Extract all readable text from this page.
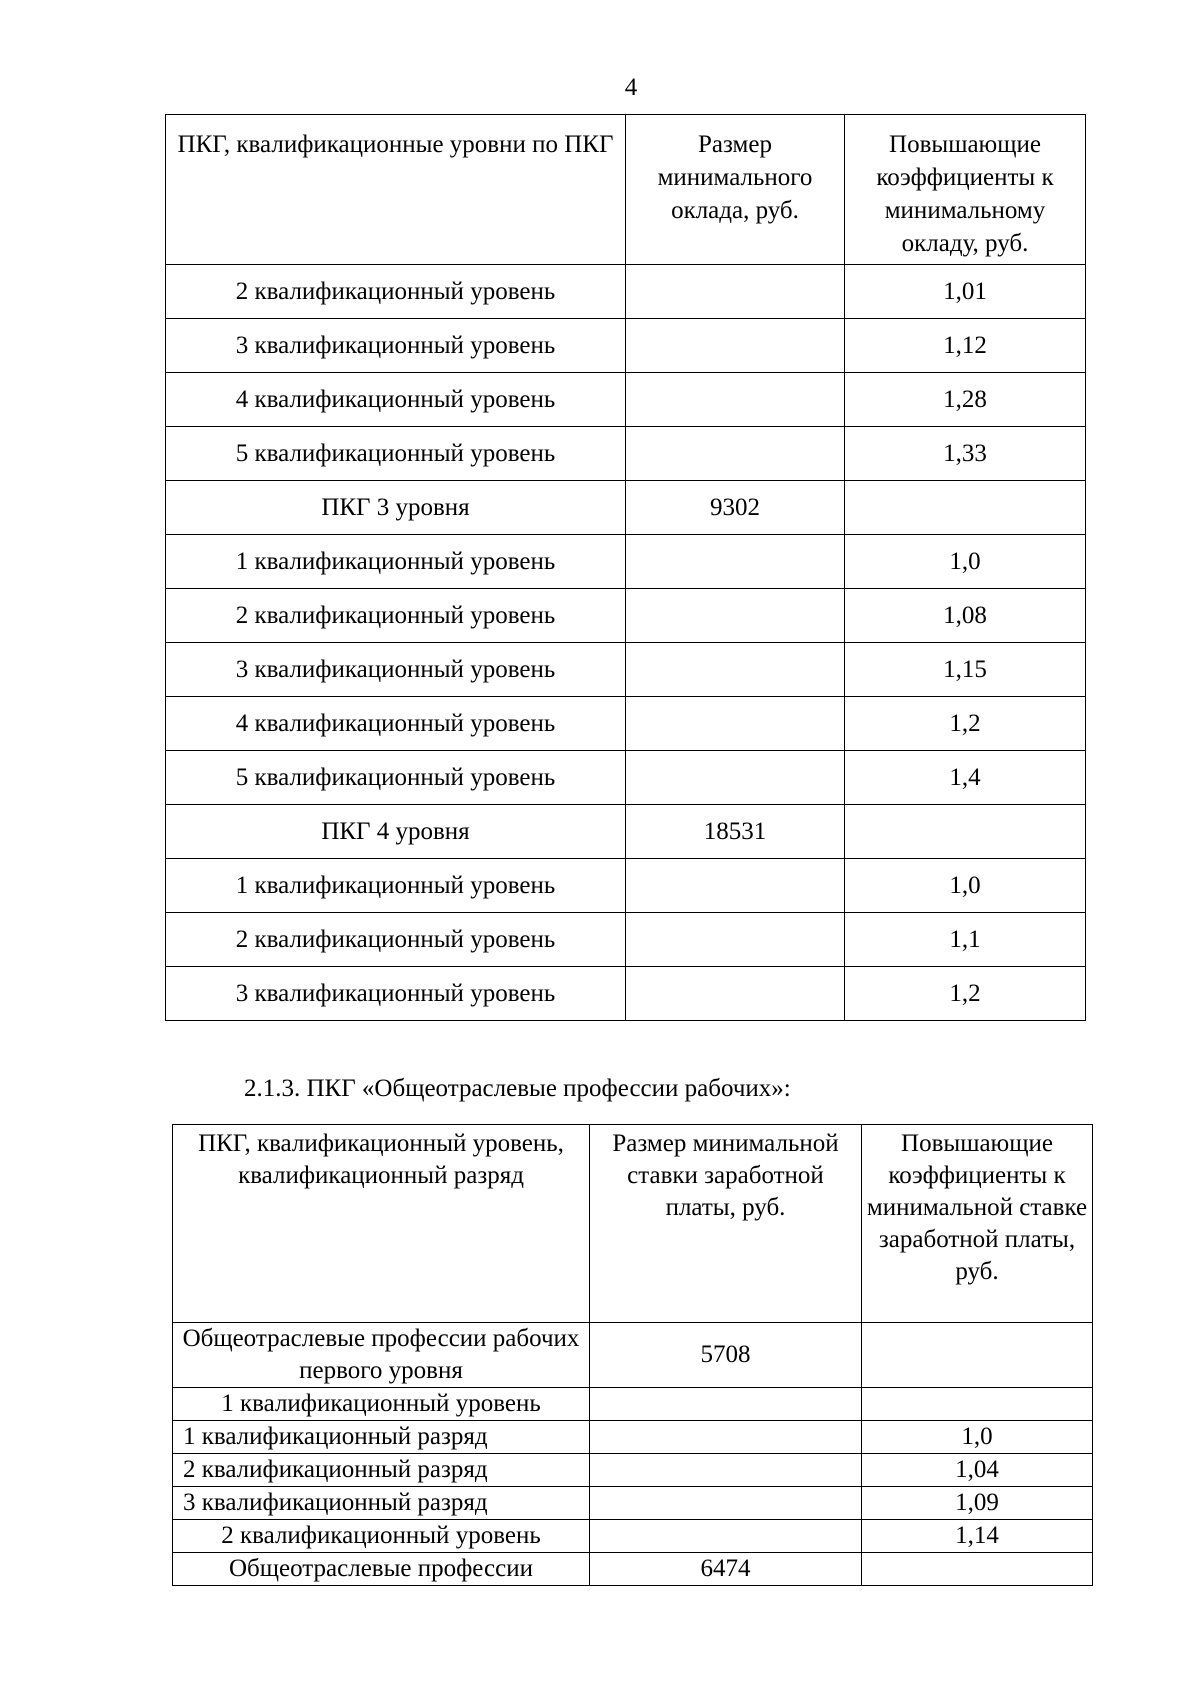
4
ПКГ, квалификационные уровни по ПКГ	Размер минимального оклада, руб.	Повышающие коэффициенты к минимальному окладу, руб.
2 квалификационный уровень		1,01
3 квалификационный уровень		1,12
4 квалификационный уровень		1,28
5 квалификационный уровень		1,33
ПКГ 3 уровня	9302	
1 квалификационный уровень		1,0
2 квалификационный уровень		1,08
3 квалификационный уровень		1,15
4 квалификационный уровень		1,2
5 квалификационный уровень		1,4
ПКГ 4 уровня	18531	
1 квалификационный уровень		1,0
2 квалификационный уровень		1,1
3 квалификационный уровень		1,2
2.1.3. ПКГ «Общеотраслевые профессии рабочих»:
ПКГ, квалификационный уровень, квалификационный разряд	Размер минимальной ставки заработной платы, руб.	Повышающие коэффициенты к минимальной ставке заработной платы, руб.
Общеотраслевые профессии рабочих первого уровня	5708	
1 квалификационный уровень		
1 квалификационный разряд		1,0
2 квалификационный разряд		1,04
3 квалификационный разряд		1,09
2 квалификационный уровень		1,14
Общеотраслевые профессии	6474	
